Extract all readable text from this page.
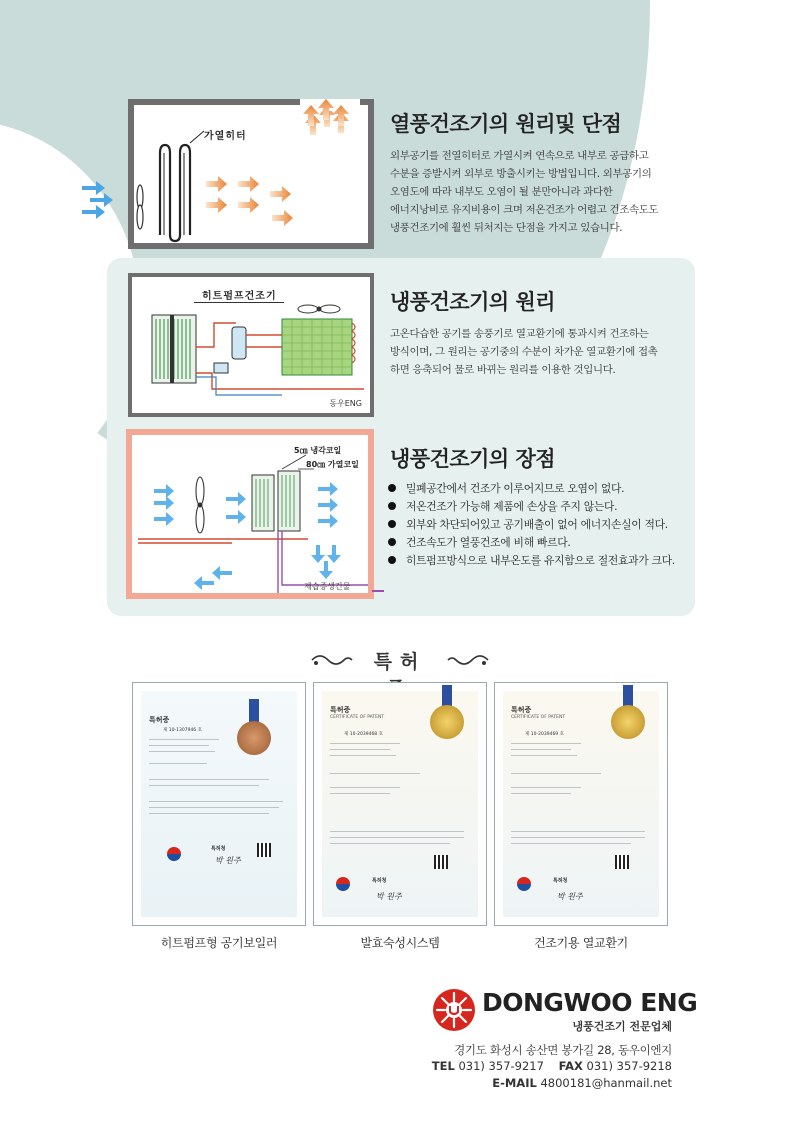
가열히터
열풍건조기의 원리및 단점
외부공기를 전열히터로 가열시켜 연속으로 내부로 공급하고
수분을 증발시켜 외부로 방출시키는 방법입니다. 외부공기의
오염도에 따라 내부도 오염이 될 분만아니라 과다한
에너지낭비로 유지비용이 크며 저온건조가 어렵고 건조속도도
냉풍건조기에 훨씬 뒤처지는 단점을 가지고 있습니다.
히트펌프건조기
동우ENG
냉풍건조기의 원리
고온다습한 공기를 송풍기로 열교환기에 통과시켜 건조하는
방식이며, 그 원리는 공기중의 수분이 차가운 열교환기에 접촉
하면 응축되어 물로 바뀌는 원리를 이용한 것입니다.
5㎝ 냉각코일
80㎝ 가열코일
제습증생긴물
냉풍건조기의 장점
밀폐공간에서 건조가 이루어지므로 오염이 없다.
저온건조가 가능해 제품에 손상을 주지 않는다.
외부와 차단되어있고 공기배출이 없어 에너지손실이 적다.
건조속도가 열풍건조에 비해 빠르다.
히트펌프방식으로 내부온도를 유지함으로 절전효과가 크다.
특허
특허증
제 10-1307946 호
특허청
박 원주
히트펌프형 공기보일러
특허증
CERTIFICATE OF PATENT
제 10-2039468 호
특허청
박 원주
발효숙성시스템
특허증
CERTIFICATE OF PATENT
제 10-2039469 호
특허청
박 원주
건조기용 열교환기
DONGWOO ENG
냉풍건조기 전문업체
경기도 화성시 송산면 봉가길 28, 동우이엔지
TEL 031) 357-9217 FAX 031) 357-9218
E-MAIL 4800181@hanmail.net
